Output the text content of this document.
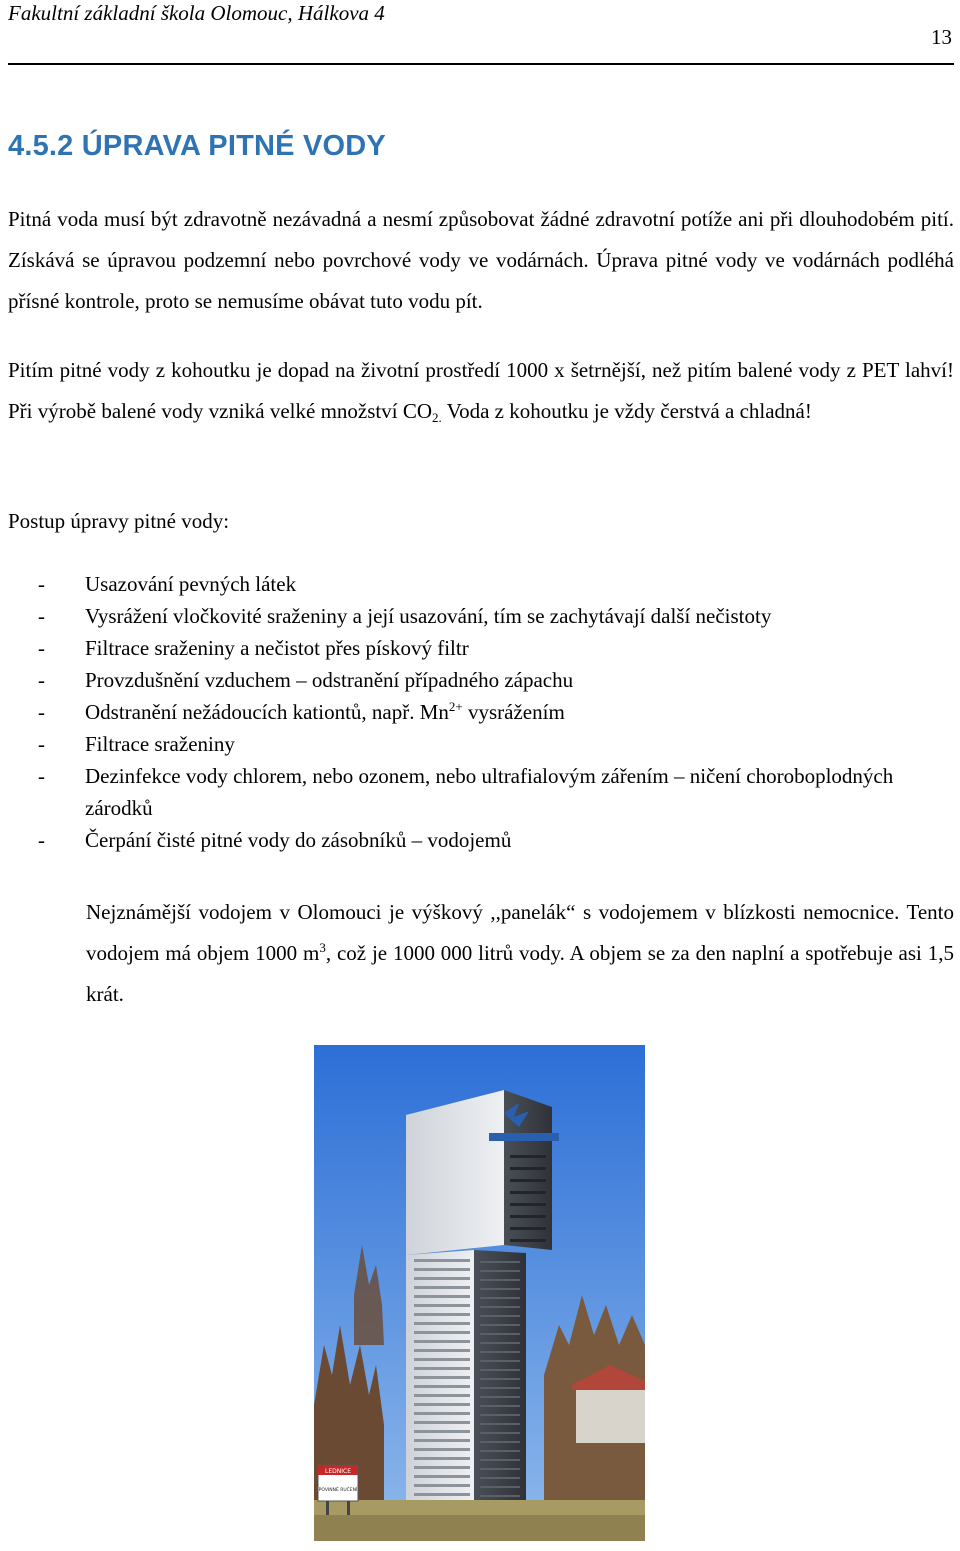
Fakultní základní škola Olomouc, Hálkova 4
13
4.5.2 ÚPRAVA PITNÉ VODY

Pitná voda musí být zdravotně nezávadná a nesmí způsobovat žádné zdravotní potíže ani při dlouhodobém pití. Získává se úpravou podzemní nebo povrchové vody ve vodárnách. Úprava pitné vody ve vodárnách podléhá přísné kontrole, proto se nemusíme obávat tuto vodu pít.

Pitím pitné vody z kohoutku je dopad na životní prostředí 1000 x šetrnější, než pitím balené vody z PET lahví! Při výrobě balené vody vzniká velké množství $CO_{2.}$ Voda z kohoutku je vždy čerstvá a chladná!

Postup úpravy pitné vody:

- Usazování pevných látek
- Vysrážení vločkovité sraženiny a její usazování, tím se zachytávají další nečistoty
- Filtrace sraženiny a nečistot přes pískový filtr
- Provzdušnění vzduchem – odstranění případného zápachu
- Odstranění nežádoucích kationtů, např. $Mn^{2+}$ vysrážením
- Filtrace sraženiny
- Dezinfekce vody chlorem, nebo ozonem, nebo ultrafialovým zářením – ničení choroboplodných zárodků
- Čerpání čisté pitné vody do zásobníků – vodojemů

Nejznámější vodojem v Olomouci je výškový ,,panelák“ s vodojemem v blízkosti nemocnice. Tento vodojem má objem 1000 $m^3$, což je 1000 000 litrů vody. A objem se za den naplní a spotřebuje asi 1,5 krát.

LEDNICE
POVINNÉ RUČENÍ
